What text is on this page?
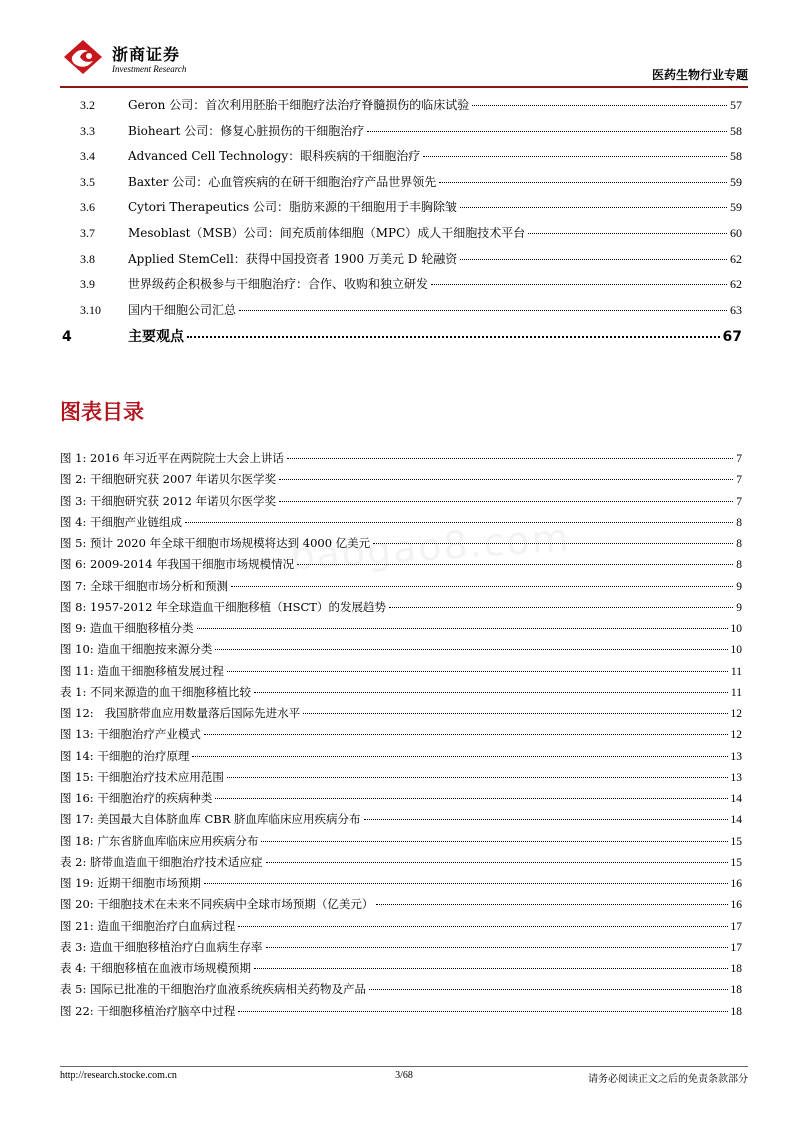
浙商证券
Investment Research	医药生物行业专题
3.2	Geron 公司：首次利用胚胎干细胞疗法治疗脊髓损伤的临床试验	57
3.3	Bioheart 公司：修复心脏损伤的干细胞治疗	58
3.4	Advanced Cell Technology：眼科疾病的干细胞治疗	58
3.5	Baxter 公司：心血管疾病的在研干细胞治疗产品世界领先	59
3.6	Cytori Therapeutics 公司：脂肪来源的干细胞用于丰胸除皱	59
3.7	Mesoblast（MSB）公司：间充质前体细胞（MPC）成人干细胞技术平台	60
3.8	Applied StemCell：获得中国投资者 1900 万美元 D 轮融资	62
3.9	世界级药企积极参与干细胞治疗：合作、收购和独立研发	62
3.10	国内干细胞公司汇总	63
4	主要观点	67
图表目录
图 1: 2016 年习近平在两院院士大会上讲话	7
图 2: 干细胞研究获 2007 年诺贝尔医学奖	7
图 3: 干细胞研究获 2012 年诺贝尔医学奖	7
图 4: 干细胞产业链组成	8
图 5: 预计 2020 年全球干细胞市场规模将达到 4000 亿美元	8
图 6: 2009-2014 年我国干细胞市场规模情况	8
图 7: 全球干细胞市场分析和预测	9
图 8: 1957-2012 年全球造血干细胞移植（HSCT）的发展趋势	9
图 9: 造血干细胞移植分类	10
图 10: 造血干细胞按来源分类	10
图 11: 造血干细胞移植发展过程	11
表 1: 不同来源造的血干细胞移植比较	11
图 12: 我国脐带血应用数量落后国际先进水平	12
图 13: 干细胞治疗产业模式	12
图 14: 干细胞的治疗原理	13
图 15: 干细胞治疗技术应用范围	13
图 16: 干细胞治疗的疾病种类	14
图 17: 美国最大自体脐血库 CBR 脐血库临床应用疾病分布	14
图 18: 广东省脐血库临床应用疾病分布	15
表 2: 脐带血造血干细胞治疗技术适应症	15
图 19: 近期干细胞市场预期	16
图 20: 干细胞技术在未来不同疾病中全球市场预期（亿美元）	16
图 21: 造血干细胞治疗白血病过程	17
表 3: 造血干细胞移植治疗白血病生存率	17
表 4: 干细胞移植在血液市场规模预期	18
表 5: 国际已批准的干细胞治疗血液系统疾病相关药物及产品	18
图 22: 干细胞移植治疗脑卒中过程	18
baogao8.com
http://research.stocke.com.cn	3/68	请务必阅读正文之后的免责条款部分
